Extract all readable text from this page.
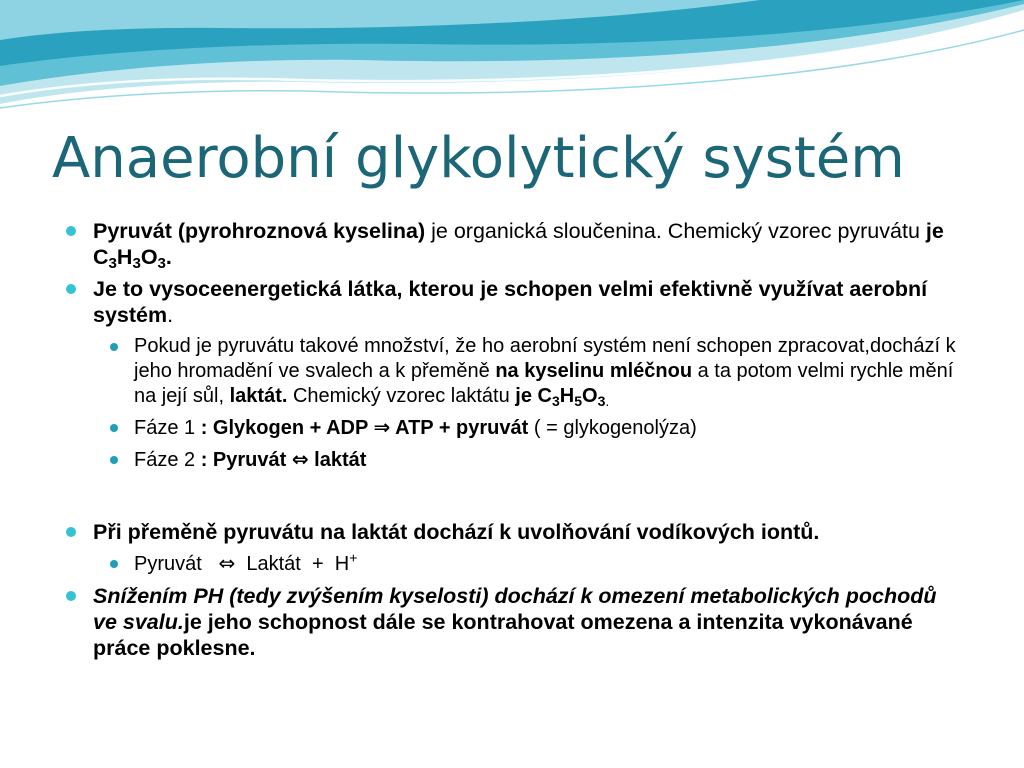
Anaerobní glykolytický systém

Pyruvát (pyrohroznová kyselina) je organická sloučenina. Chemický vzorec pyruvátu je $C_3H_3O_3$.

Je to vysoceenergetická látka, kterou je schopen velmi efektivně využívat aerobní systém.

Pokud je pyruvátu takové množství, že ho aerobní systém není schopen zpracovat,dochází k jeho hromadění ve svalech a k přeměně na kyselinu mléčnou a ta potom velmi rychle mění na její sůl, laktát. Chemický vzorec laktátu je $C_3H_5O_{3.}$

Fáze 1 : Glykogen + ADP ⇒ ATP + pyruvát ( = glykogenolýza)

Fáze 2 : Pyruvát ⇔ laktát

Při přeměně pyruvátu na laktát dochází k uvolňování vodíkových iontů.

Pyruvát   ⇔  Laktát  +  H+

Snížením PH (tedy zvýšením kyselosti) dochází k omezení metabolických pochodů ve svalu.je jeho schopnost dále se kontrahovat omezena a intenzita vykonávané práce poklesne.
